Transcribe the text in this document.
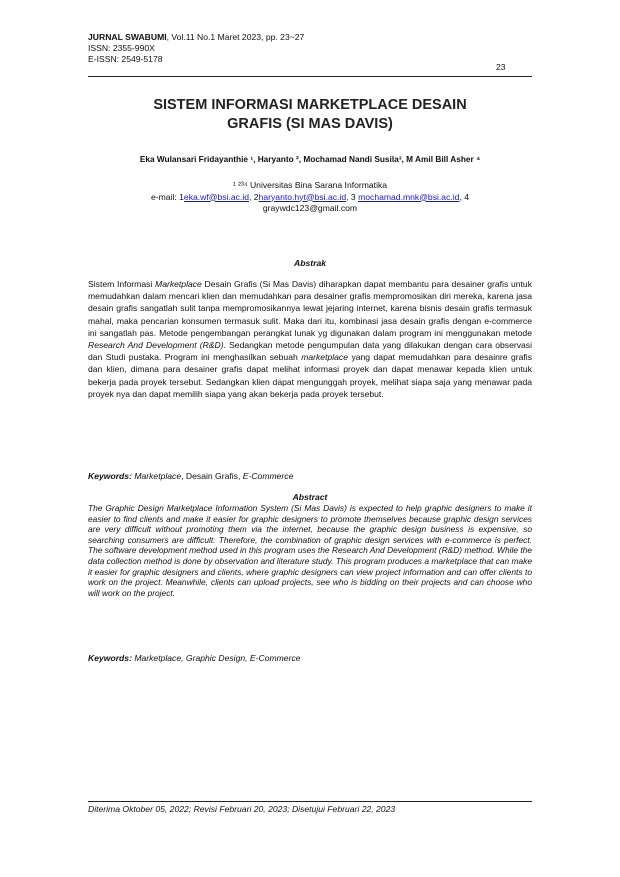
JURNAL SWABUMI, Vol.11 No.1 Maret 2023, pp. 23~27
ISSN: 2355-990X
E-ISSN: 2549-5178
23
SISTEM INFORMASI MARKETPLACE DESAIN
GRAFIS (SI MAS DAVIS)
Eka Wulansari Fridayanthie ¹, Haryanto ², Mochamad Nandi Susila³, M Amil Bill Asher ⁴
¹ ²³⁴ Universitas Bina Sarana Informatika
e-mail: 1eka.wf@bsi.ac.id, 2haryanto.hyt@bsi.ac.id, 3 mochamad.mnk@bsi.ac.id, 4
graywdc123@gmail.com
Abstrak
Sistem Informasi Marketplace Desain Grafis (Si Mas Davis) diharapkan dapat membantu para desainer grafis untuk memudahkan dalam mencari klien dan memudahkan para desainer grafis mempromosikan diri mereka, karena jasa desain grafis sangatlah sulit tanpa mempromosikannya lewat jejaring internet, karena bisnis desain grafis termasuk mahal, maka pencarian konsumen termasuk sulit. Maka dari itu, kombinasi jasa desain grafis dengan e-commerce ini sangatlah pas. Metode pengembangan perangkat lunak yg digunakan dalam program ini menggunakan metode Research And Development (R&D). Sedangkan metode pengumpulan data yang dilakukan dengan cara observasi dan Studi pustaka. Program ini menghasilkan sebuah marketplace yang dapat memudahkan para desainre grafis dan klien, dimana para desainer grafis dapat melihat informasi proyek dan dapat menawar kepada klien untuk bekerja pada proyek tersebut. Sedangkan klien dapat mengunggah proyek, melihat siapa saja yang menawar pada proyek nya dan dapat memilih siapa yang akan bekerja pada proyek tersebut.
Keywords: Marketplace, Desain Grafis, E-Commerce
Abstract
The Graphic Design Marketplace Information System (Si Mas Davis) is expected to help graphic designers to make it easier to find clients and make it easier for graphic designers to promote themselves because graphic design services are very difficult without promoting them via the internet, because the graphic design business is expensive, so searching consumers are difficult. Therefore, the combination of graphic design services with e-commerce is perfect. The software development method used in this program uses the Research And Development (R&D) method. While the data collection method is done by observation and literature study. This program produces a marketplace that can make it easier for graphic designers and clients, where graphic designers can view project information and can offer clients to work on the project. Meanwhile, clients can upload projects, see who is bidding on their projects and can choose who will work on the project.
Keywords: Marketplace, Graphic Design, E-Commerce
Diterima Oktober 05, 2022; Revisi Februari 20, 2023; Disetujui Februari 22, 2023
